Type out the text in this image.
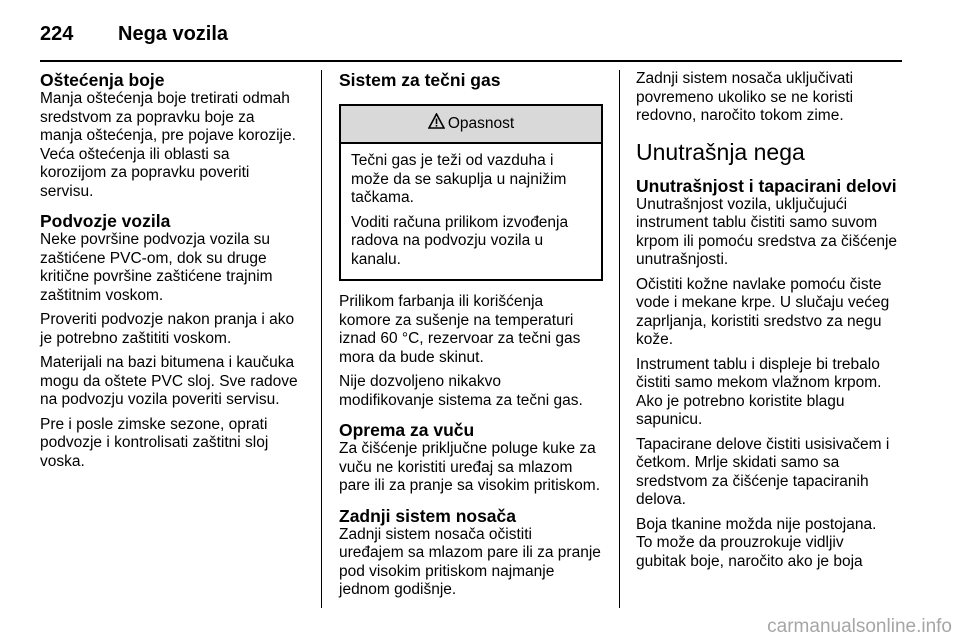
224	Nega vozila
Oštećenja boje

Manja oštećenja boje tretirati odmah
sredstvom za popravku boje za
manja oštećenja, pre pojave korozije.
Veća oštećenja ili oblasti sa
korozijom za popravku poveriti
servisu.

Podvozje vozila

Neke površine podvozja vozila su
zaštićene PVC-om, dok su druge
kritične površine zaštićene trajnim
zaštitnim voskom.

Proveriti podvozje nakon pranja i ako
je potrebno zaštititi voskom.

Materijali na bazi bitumena i kaučuka
mogu da oštete PVC sloj. Sve radove
na podvozju vozila poveriti servisu.

Pre i posle zimske sezone, oprati
podvozje i kontrolisati zaštitni sloj
voska.

Sistem za tečni gas
Opasnost

Tečni gas je teži od vazduha i
može da se sakuplja u najnižim
tačkama.

Voditi računa prilikom izvođenja
radova na podvozju vozila u
kanalu.

Prilikom farbanja ili korišćenja
komore za sušenje na temperaturi
iznad 60 °C, rezervoar za tečni gas
mora da bude skinut.

Nije dozvoljeno nikakvo
modifikovanje sistema za tečni gas.

Oprema za vuču

Za čišćenje priključne poluge kuke za
vuču ne koristiti uređaj sa mlazom
pare ili za pranje sa visokim pritiskom.

Zadnji sistem nosača

Zadnji sistem nosača očistiti
uređajem sa mlazom pare ili za pranje
pod visokim pritiskom najmanje
jednom godišnje.

Zadnji sistem nosača uključivati
povremeno ukoliko se ne koristi
redovno, naročito tokom zime.

Unutrašnja nega
Unutrašnjost i tapacirani delovi

Unutrašnjost vozila, uključujući
instrument tablu čistiti samo suvom
krpom ili pomoću sredstva za čišćenje
unutrašnjosti.

Očistiti kožne navlake pomoću čiste
vode i mekane krpe. U slučaju većeg
zaprljanja, koristiti sredstvo za negu
kože.

Instrument tablu i displeje bi trebalo
čistiti samo mekom vlažnom krpom.
Ako je potrebno koristite blagu
sapunicu.

Tapacirane delove čistiti usisivačem i
četkom. Mrlje skidati samo sa
sredstvom za čišćenje tapaciranih
delova.

Boja tkanine možda nije postojana.
To može da prouzrokuje vidljiv
gubitak boje, naročito ako je boja

carmanualsonline.info
